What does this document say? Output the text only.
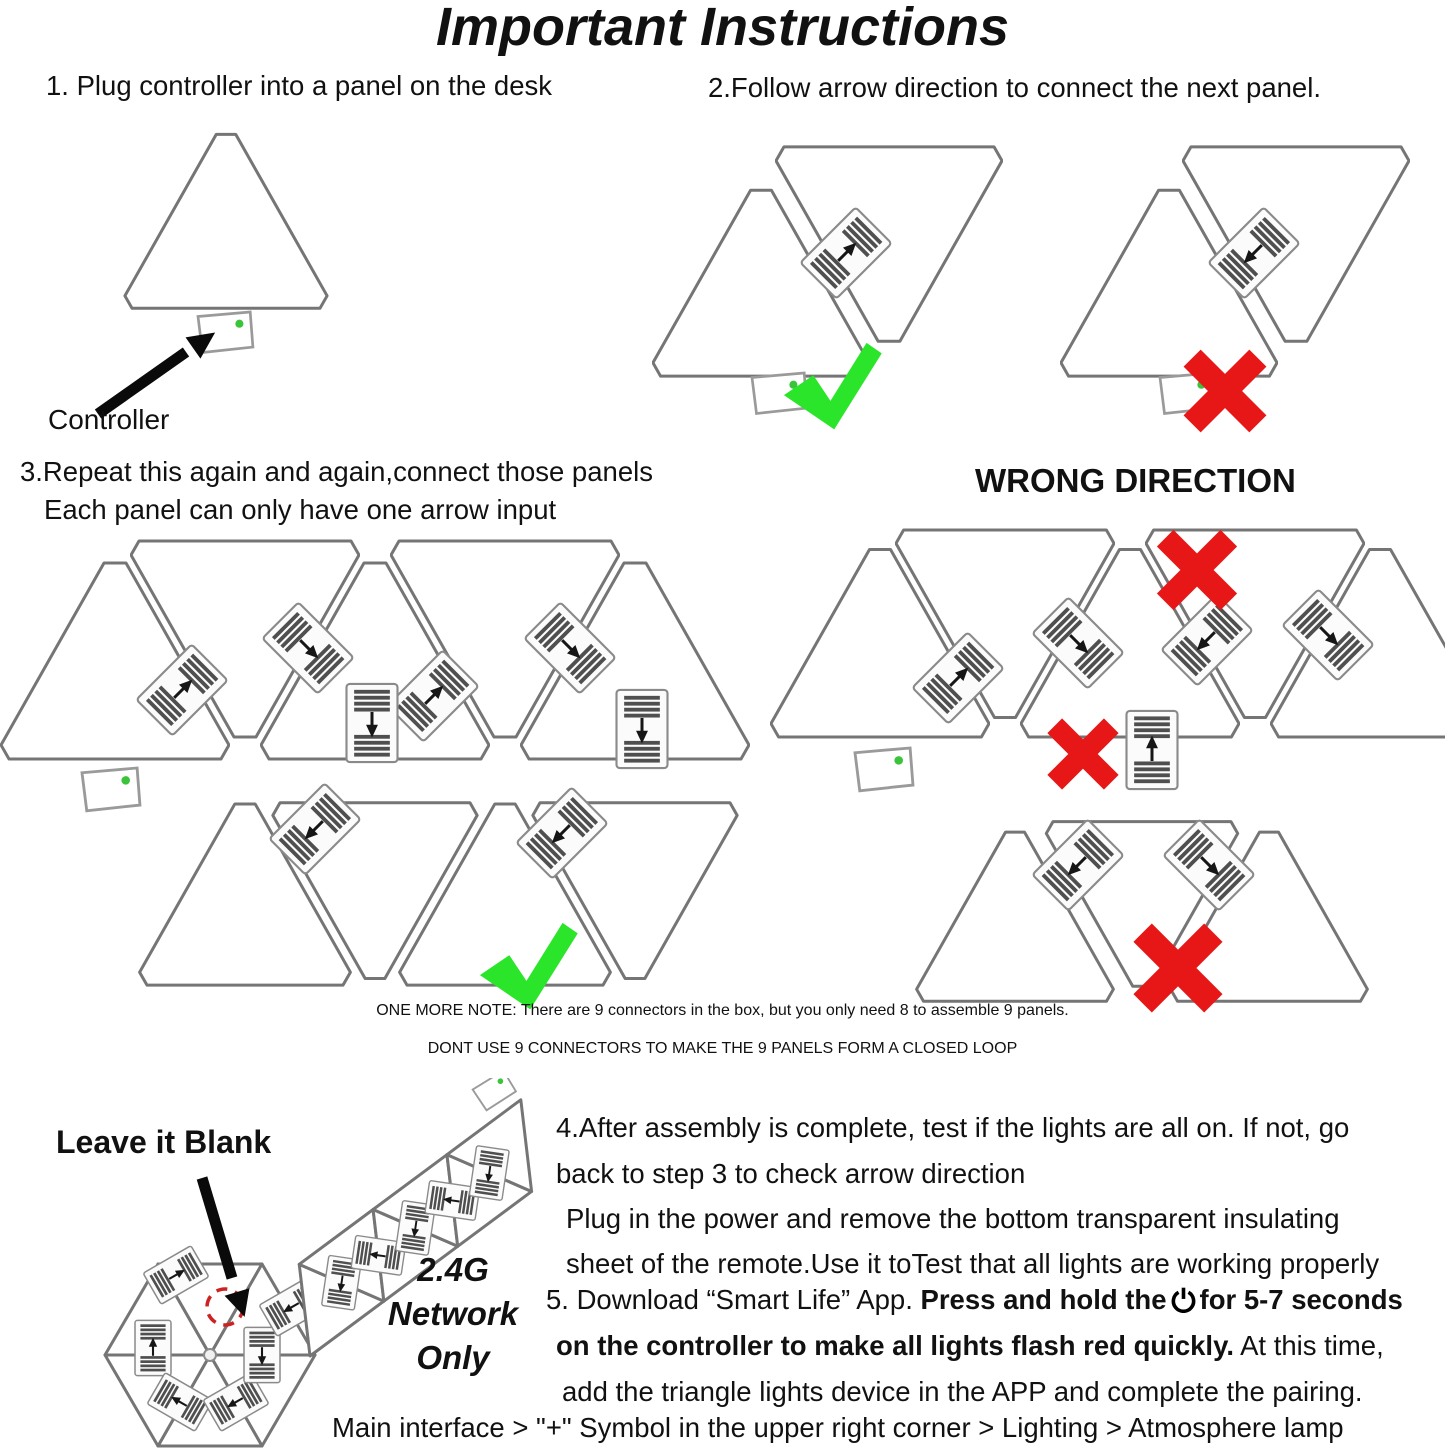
Important Instructions
1. Plug controller into a panel on the desk	2.Follow arrow direction to connect the next panel.
Controller
3.Repeat this again and again,connect those panels
Each panel can only have one arrow input
WRONG DIRECTION
ONE MORE NOTE: There are 9 connectors in the box, but you only need 8 to assemble 9 panels.
DONT USE 9 CONNECTORS TO MAKE THE 9 PANELS FORM A CLOSED LOOP
Leave it Blank
2.4G
Network
Only
4.After assembly is complete, test if the lights are all on. If not, go
back to step 3 to check arrow direction
Plug in the power and remove the bottom transparent insulating
sheet of the remote.Use it toTest that all lights are working properly
5. Download “Smart Life” App. Press and hold the for 5-7 seconds
on the controller to make all lights flash red quickly. At this time,
add the triangle lights device in the APP and complete the pairing.
Main interface > "+" Symbol in the upper right corner > Lighting > Atmosphere lamp
